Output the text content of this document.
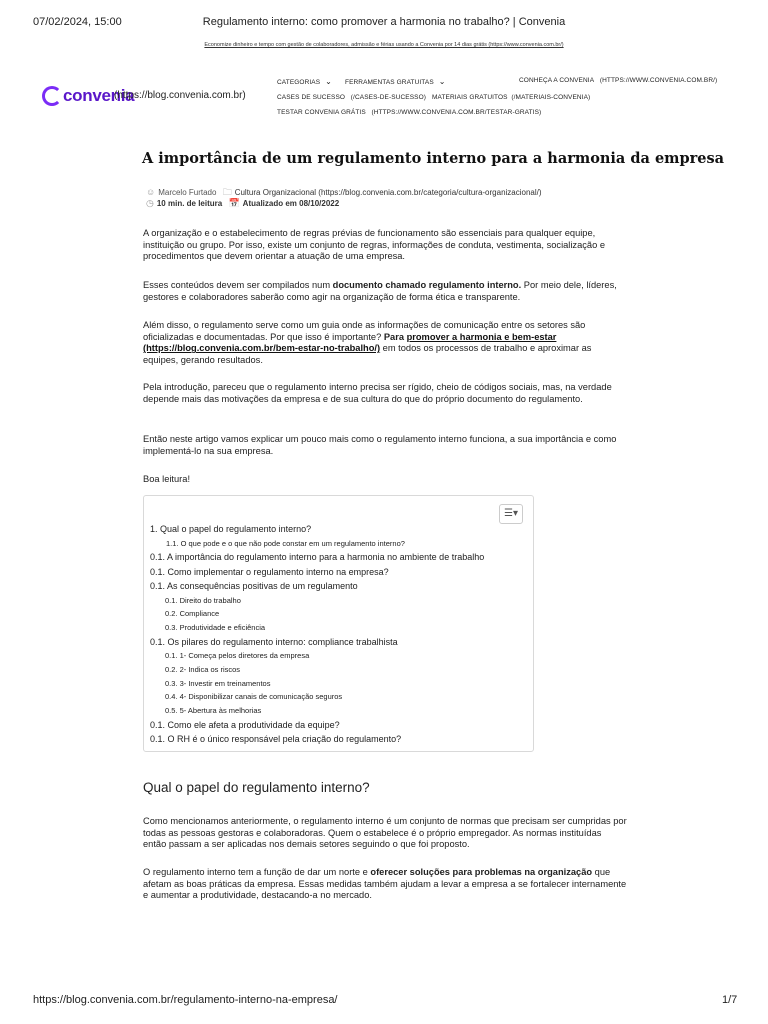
07/02/2024, 15:00	Regulamento interno: como promover a harmonia no trabalho? | Convenia
Economize dinheiro e tempo com gestão de colaboradores, admissão e férias usando a Convenia por 14 dias grátis (https://www.convenia.com.br/)
convenia
(https://blog.convenia.com.br)
CATEGORIAS ⌄ FERRAMENTAS GRATUITAS ⌄	CONHEÇA A CONVENIA (HTTPS://WWW.CONVENIA.COM.BR/)
CASES DE SUCESSO (/CASES-DE-SUCESSO) MATERIAIS GRATUITOS (/MATERIAIS-CONVENIA)
TESTAR CONVENIA GRÁTIS (HTTPS://WWW.CONVENIA.COM.BR/TESTAR-GRATIS)
A importância de um regulamento interno para a harmonia da empresa
☺ Marcelo Furtado 🗀 Cultura Organizacional (https://blog.convenia.com.br/categoria/cultura-organizacional/)
◷ 10 min. de leitura 📅 Atualizado em 08/10/2022
A organização e o estabelecimento de regras prévias de funcionamento são essenciais para qualquer equipe, instituição ou grupo. Por isso, existe um conjunto de regras, informações de conduta, vestimenta, socialização e procedimentos que devem orientar a atuação de uma empresa.
Esses conteúdos devem ser compilados num documento chamado regulamento interno. Por meio dele, líderes, gestores e colaboradores saberão como agir na organização de forma ética e transparente.
Além disso, o regulamento serve como um guia onde as informações de comunicação entre os setores são oficializadas e documentadas. Por que isso é importante? Para promover a harmonia e bem-estar (https://blog.convenia.com.br/bem-estar-no-trabalho/) em todos os processos de trabalho e aproximar as equipes, gerando resultados.
Pela introdução, pareceu que o regulamento interno precisa ser rígido, cheio de códigos sociais, mas, na verdade depende mais das motivações da empresa e de sua cultura do que do próprio documento do regulamento.
Então neste artigo vamos explicar um pouco mais como o regulamento interno funciona, a sua importância e como implementá-lo na sua empresa.
Boa leitura!
☰▾
1. Qual o papel do regulamento interno?
1.1. O que pode e o que não pode constar em um regulamento interno?
0.1. A importância do regulamento interno para a harmonia no ambiente de trabalho
0.1. Como implementar o regulamento interno na empresa?
0.1. As consequências positivas de um regulamento
0.1. Direito do trabalho
0.2. Compliance
0.3. Produtividade e eficiência
0.1. Os pilares do regulamento interno: compliance trabalhista
0.1. 1- Começa pelos diretores da empresa
0.2. 2- Indica os riscos
0.3. 3- Investir em treinamentos
0.4. 4- Disponibilizar canais de comunicação seguros
0.5. 5- Abertura às melhorias
0.1. Como ele afeta a produtividade da equipe?
0.1. O RH é o único responsável pela criação do regulamento?
Qual o papel do regulamento interno?
Como mencionamos anteriormente, o regulamento interno é um conjunto de normas que precisam ser cumpridas por todas as pessoas gestoras e colaboradoras. Quem o estabelece é o próprio empregador. As normas instituídas então passam a ser aplicadas nos demais setores seguindo o que foi proposto.
O regulamento interno tem a função de dar um norte e oferecer soluções para problemas na organização que afetam as boas práticas da empresa. Essas medidas também ajudam a levar a empresa a se fortalecer internamente e aumentar a produtividade, destacando-a no mercado.
https://blog.convenia.com.br/regulamento-interno-na-empresa/	1/7
